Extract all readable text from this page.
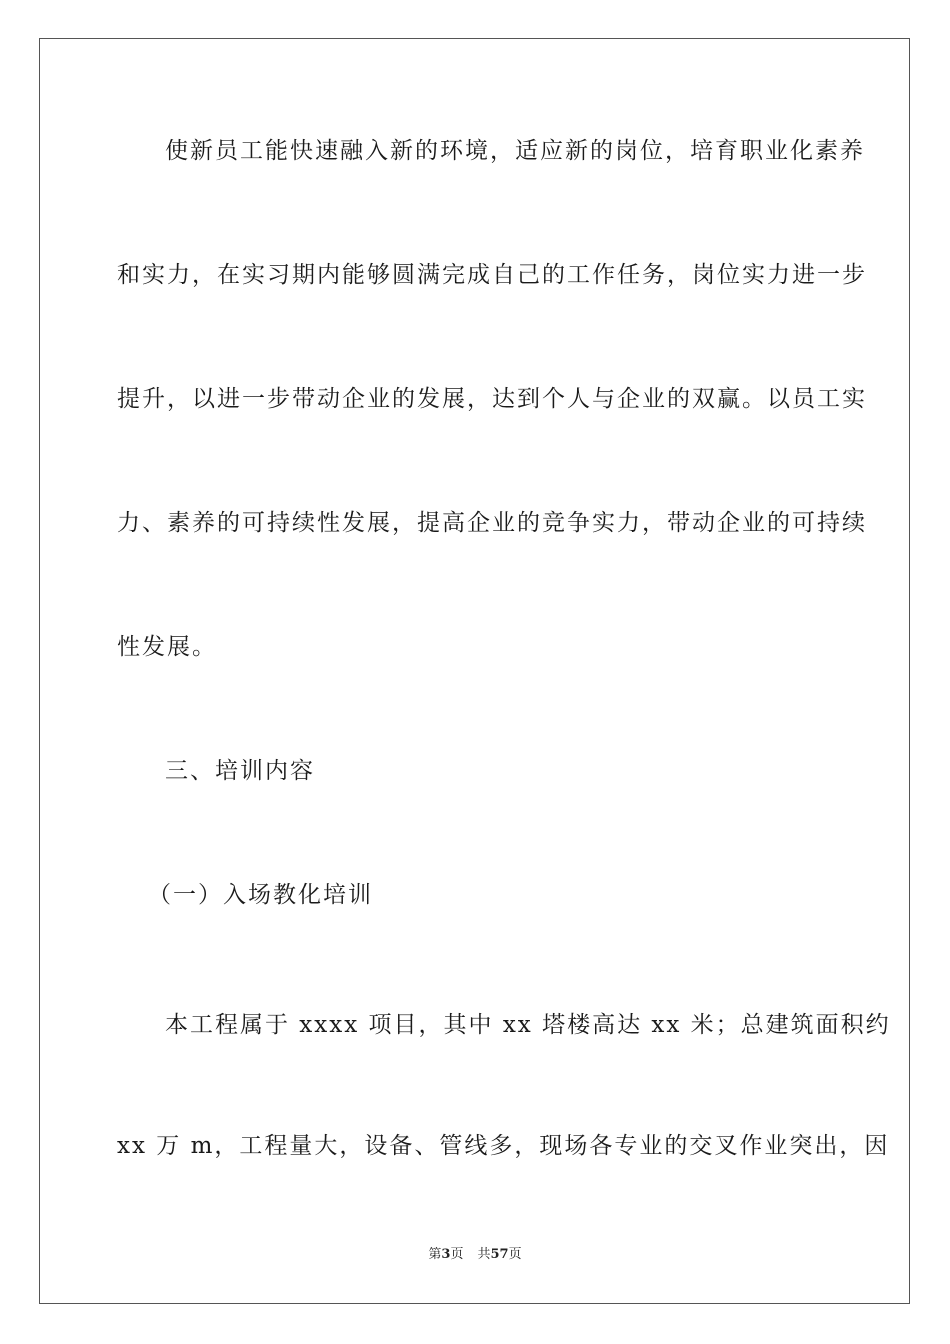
使新员工能快速融入新的环境，适应新的岗位，培育职业化素养
和实力，在实习期内能够圆满完成自己的工作任务，岗位实力进一步
提升，以进一步带动企业的发展，达到个人与企业的双赢。以员工实
力、素养的可持续性发展，提高企业的竞争实力，带动企业的可持续
性发展。
三、培训内容
（一）入场教化培训
本工程属于 xxxx 项目，其中 xx 塔楼高达 xx 米；总建筑面积约
xx 万 m，工程量大，设备、管线多，现场各专业的交叉作业突出，因
第3页 共57页
